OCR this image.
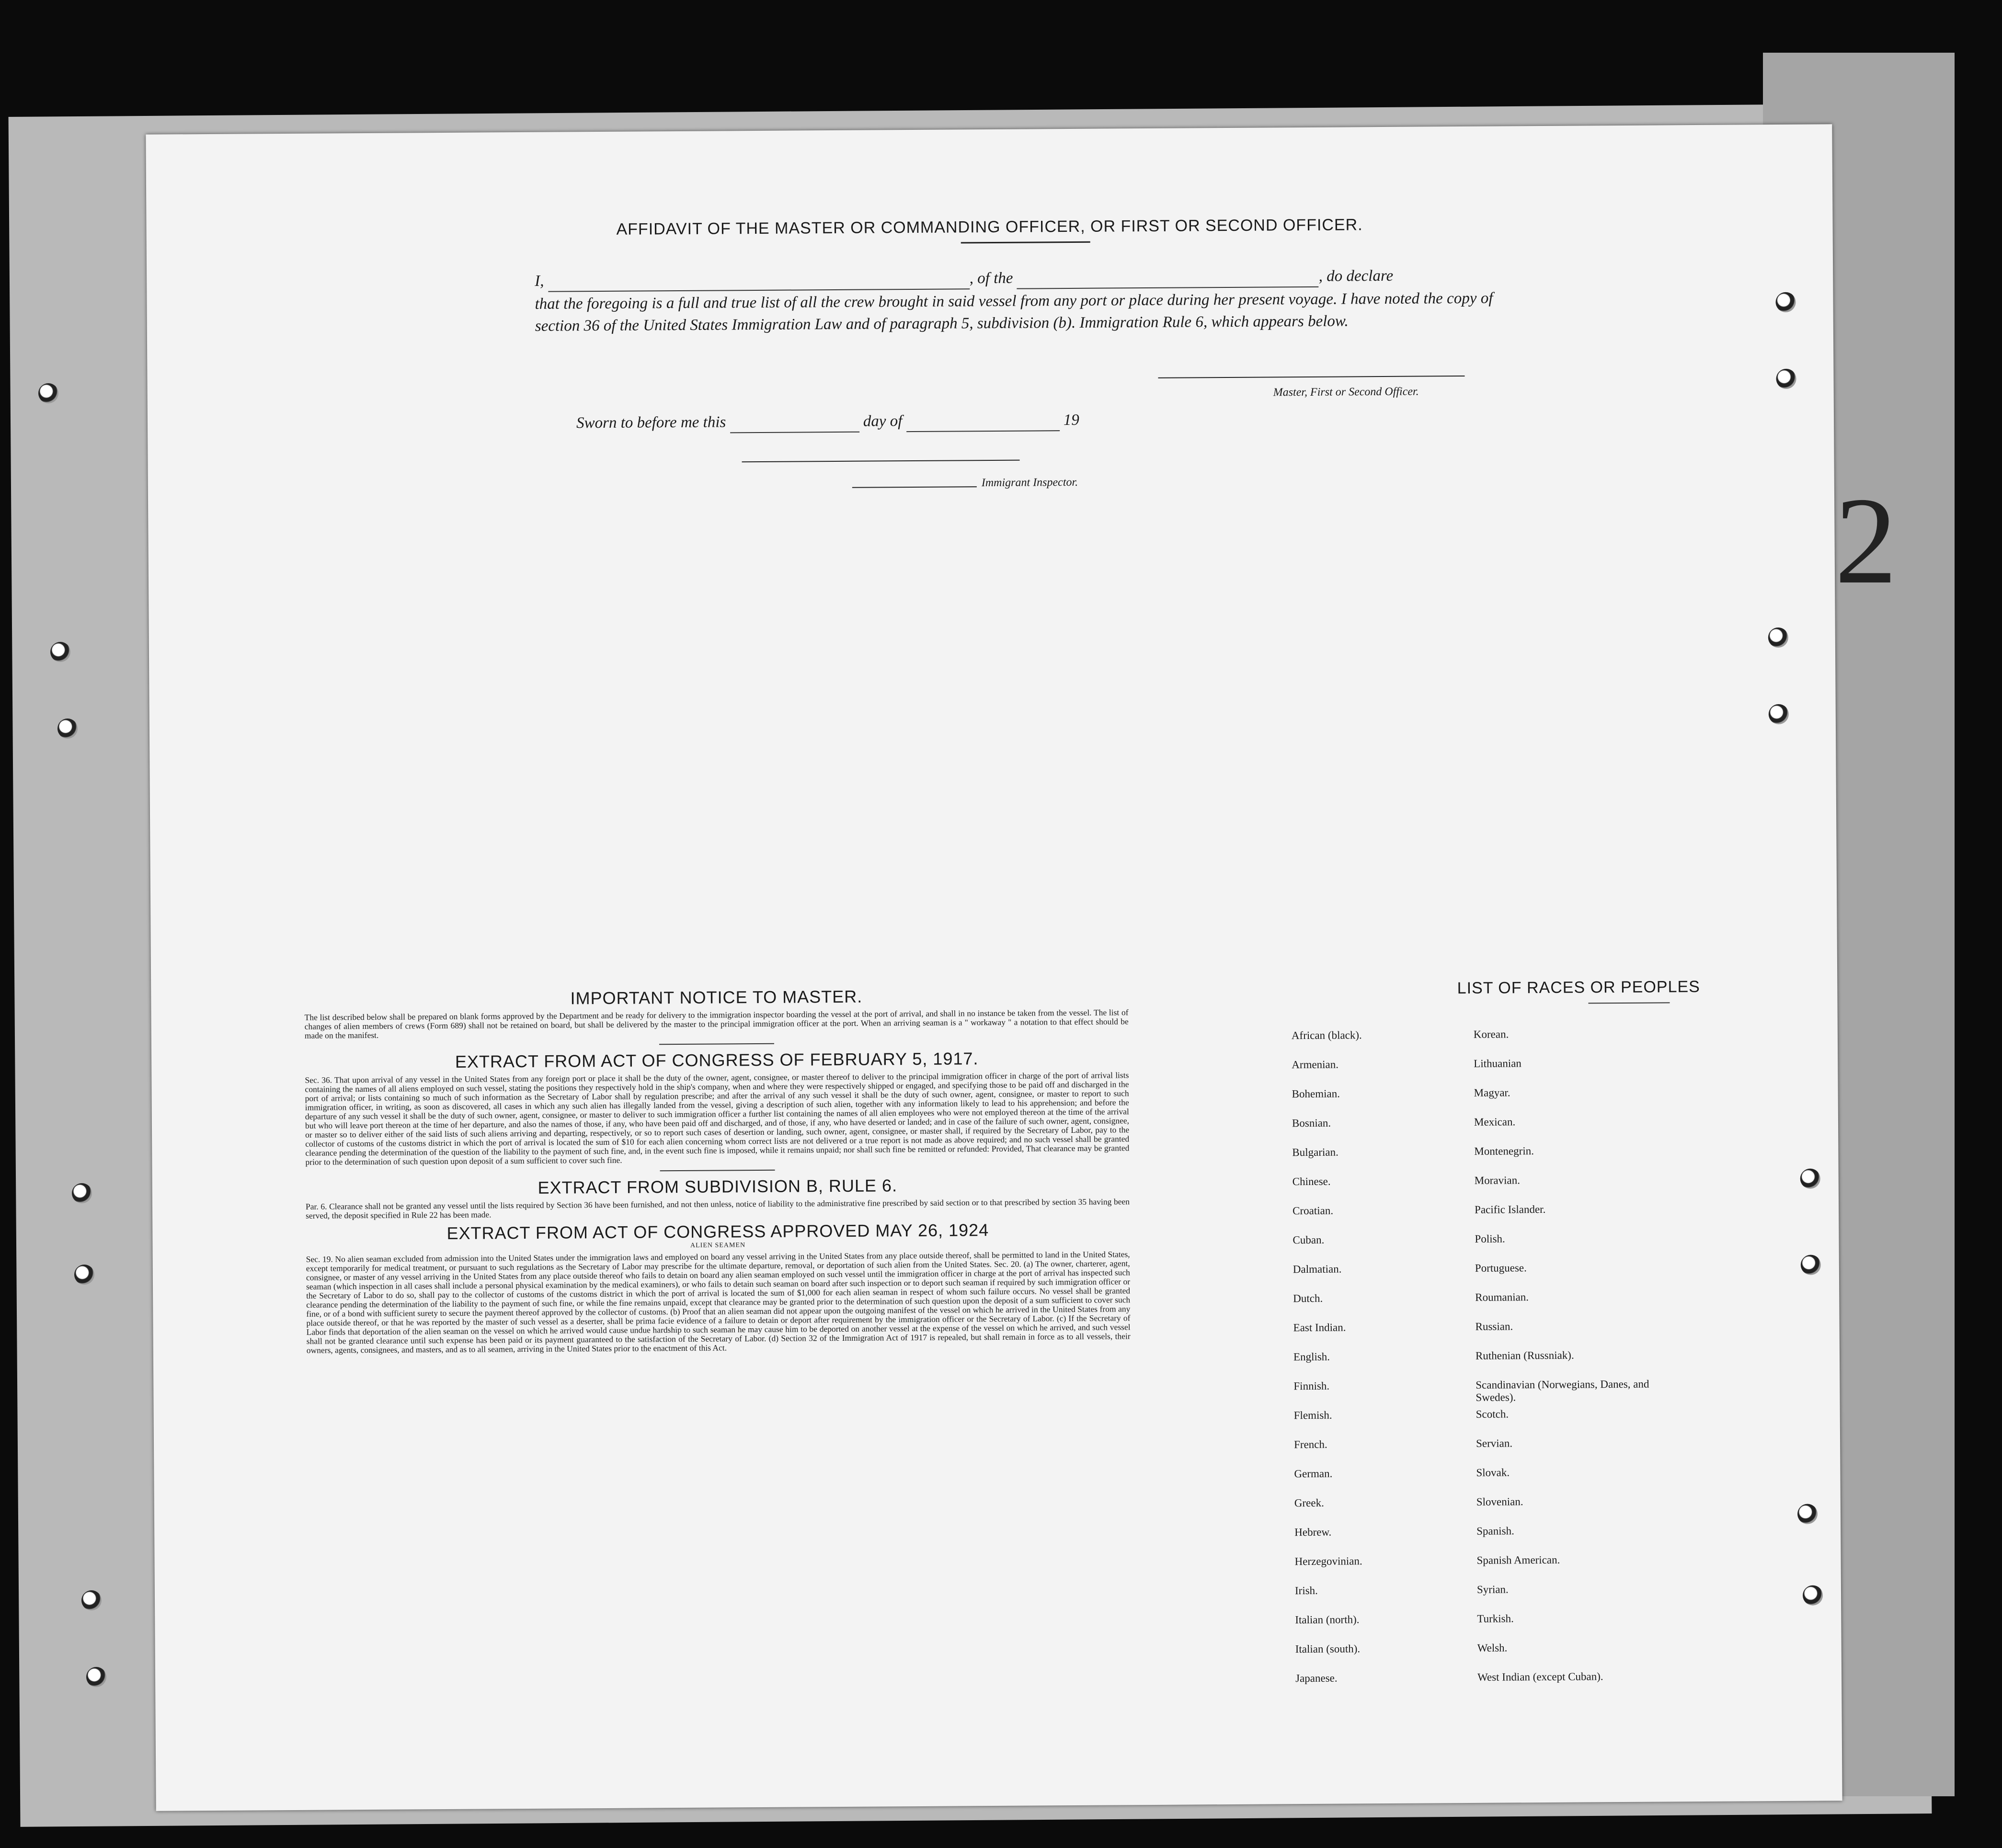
2
AFFIDAVIT OF THE MASTER OR COMMANDING OFFICER, OR FIRST OR SECOND OFFICER.
I,	, of the	, do declare
that the foregoing is a full and true list of all the crew brought in said vessel from any port or place during her present voyage. I have noted the copy of section 36 of the United States Immigration Law and of paragraph 5, subdivision (b). Immigration Rule 6, which appears below.
Master, First or Second Officer.
Sworn to before me this	day of	19
Immigrant Inspector.
IMPORTANT NOTICE TO MASTER.
The list described below shall be prepared on blank forms approved by the Department and be ready for delivery to the immigration inspector boarding the vessel at the port of arrival, and shall in no instance be taken from the vessel. The list of changes of alien members of crews (Form 689) shall not be retained on board, but shall be delivered by the master to the principal immigration officer at the port. When an arriving seaman is a " workaway " a notation to that effect should be made on the manifest.
EXTRACT FROM ACT OF CONGRESS OF FEBRUARY 5, 1917.
Sec. 36. That upon arrival of any vessel in the United States from any foreign port or place it shall be the duty of the owner, agent, consignee, or master thereof to deliver to the principal immigration officer in charge of the port of arrival lists containing the names of all aliens employed on such vessel, stating the positions they respectively hold in the ship's company, when and where they were respectively shipped or engaged, and specifying those to be paid off and discharged in the port of arrival; or lists containing so much of such information as the Secretary of Labor shall by regulation prescribe; and after the arrival of any such vessel it shall be the duty of such owner, agent, consignee, or master to report to such immigration officer, in writing, as soon as discovered, all cases in which any such alien has illegally landed from the vessel, giving a description of such alien, together with any information likely to lead to his apprehension; and before the departure of any such vessel it shall be the duty of such owner, agent, consignee, or master to deliver to such immigration officer a further list containing the names of all alien employees who were not employed thereon at the time of the arrival but who will leave port thereon at the time of her departure, and also the names of those, if any, who have been paid off and discharged, and of those, if any, who have deserted or landed; and in case of the failure of such owner, agent, consignee, or master so to deliver either of the said lists of such aliens arriving and departing, respectively, or so to report such cases of desertion or landing, such owner, agent, consignee, or master shall, if required by the Secretary of Labor, pay to the collector of customs of the customs district in which the port of arrival is located the sum of $10 for each alien concerning whom correct lists are not delivered or a true report is not made as above required; and no such vessel shall be granted clearance pending the determination of the question of the liability to the payment of such fine, and, in the event such fine is imposed, while it remains unpaid; nor shall such fine be remitted or refunded: Provided, That clearance may be granted prior to the determination of such question upon deposit of a sum sufficient to cover such fine.
EXTRACT FROM SUBDIVISION B, RULE 6.
Par. 6. Clearance shall not be granted any vessel until the lists required by Section 36 have been furnished, and not then unless, notice of liability to the administrative fine prescribed by said section or to that prescribed by section 35 having been served, the deposit specified in Rule 22 has been made.
EXTRACT FROM ACT OF CONGRESS APPROVED MAY 26, 1924
ALIEN SEAMEN
Sec. 19. No alien seaman excluded from admission into the United States under the immigration laws and employed on board any vessel arriving in the United States from any place outside thereof, shall be permitted to land in the United States, except temporarily for medical treatment, or pursuant to such regulations as the Secretary of Labor may prescribe for the ultimate departure, removal, or deportation of such alien from the United States. Sec. 20. (a) The owner, charterer, agent, consignee, or master of any vessel arriving in the United States from any place outside thereof who fails to detain on board any alien seaman employed on such vessel until the immigration officer in charge at the port of arrival has inspected such seaman (which inspection in all cases shall include a personal physical examination by the medical examiners), or who fails to detain such seaman on board after such inspection or to deport such seaman if required by such immigration officer or the Secretary of Labor to do so, shall pay to the collector of customs of the customs district in which the port of arrival is located the sum of $1,000 for each alien seaman in respect of whom such failure occurs. No vessel shall be granted clearance pending the determination of the liability to the payment of such fine, or while the fine remains unpaid, except that clearance may be granted prior to the determination of such question upon the deposit of a sum sufficient to cover such fine, or of a bond with sufficient surety to secure the payment thereof approved by the collector of customs. (b) Proof that an alien seaman did not appear upon the outgoing manifest of the vessel on which he arrived in the United States from any place outside thereof, or that he was reported by the master of such vessel as a deserter, shall be prima facie evidence of a failure to detain or deport after requirement by the immigration officer or the Secretary of Labor. (c) If the Secretary of Labor finds that deportation of the alien seaman on the vessel on which he arrived would cause undue hardship to such seaman he may cause him to be deported on another vessel at the expense of the vessel on which he arrived, and such vessel shall not be granted clearance until such expense has been paid or its payment guaranteed to the satisfaction of the Secretary of Labor. (d) Section 32 of the Immigration Act of 1917 is repealed, but shall remain in force as to all vessels, their owners, agents, consignees, and masters, and as to all seamen, arriving in the United States prior to the enactment of this Act.
LIST OF RACES OR PEOPLES
African (black).
Armenian.
Bohemian.
Bosnian.
Bulgarian.
Chinese.
Croatian.
Cuban.
Dalmatian.
Dutch.
East Indian.
English.
Finnish.
Flemish.
French.
German.
Greek.
Hebrew.
Herzegovinian.
Irish.
Italian (north).
Italian (south).
Japanese.
Korean.
Lithuanian
Magyar.
Mexican.
Montenegrin.
Moravian.
Pacific Islander.
Polish.
Portuguese.
Roumanian.
Russian.
Ruthenian (Russniak).
Scandinavian (Norwegians, Danes, and Swedes).
Scotch.
Servian.
Slovak.
Slovenian.
Spanish.
Spanish American.
Syrian.
Turkish.
Welsh.
West Indian (except Cuban).
